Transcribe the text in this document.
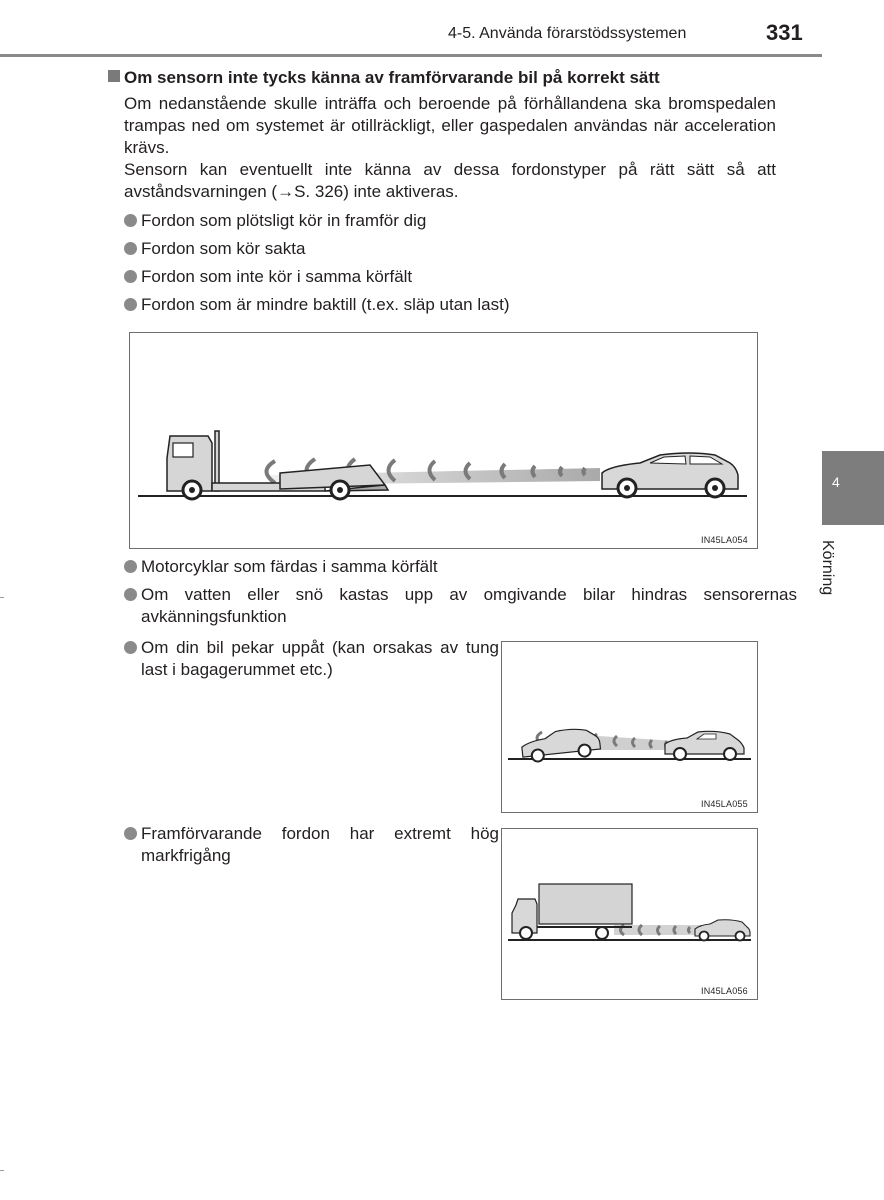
4-5. Använda förarstödssystemen	331
4
Körning
Om sensorn inte tycks känna av framförvarande bil på korrekt sätt
Om nedanstående skulle inträffa och beroende på förhållandena ska bromspedalen trampas ned om systemet är otillräckligt, eller gaspedalen användas när acceleration krävs.
Sensorn kan eventuellt inte känna av dessa fordonstyper på rätt sätt så att avståndsvarningen (→S. 326) inte aktiveras.
Fordon som plötsligt kör in framför dig
Fordon som kör sakta
Fordon som inte kör i samma körfält
Fordon som är mindre baktill (t.ex. släp utan last)
IN45LA054
Motorcyklar som färdas i samma körfält
Om vatten eller snö kastas upp av omgivande bilar hindras sensorernas avkänningsfunktion
Om din bil pekar uppåt (kan orsakas av tung last i bagagerummet etc.)
IN45LA055
Framförvarande fordon har extremt hög markfrigång
IN45LA056
